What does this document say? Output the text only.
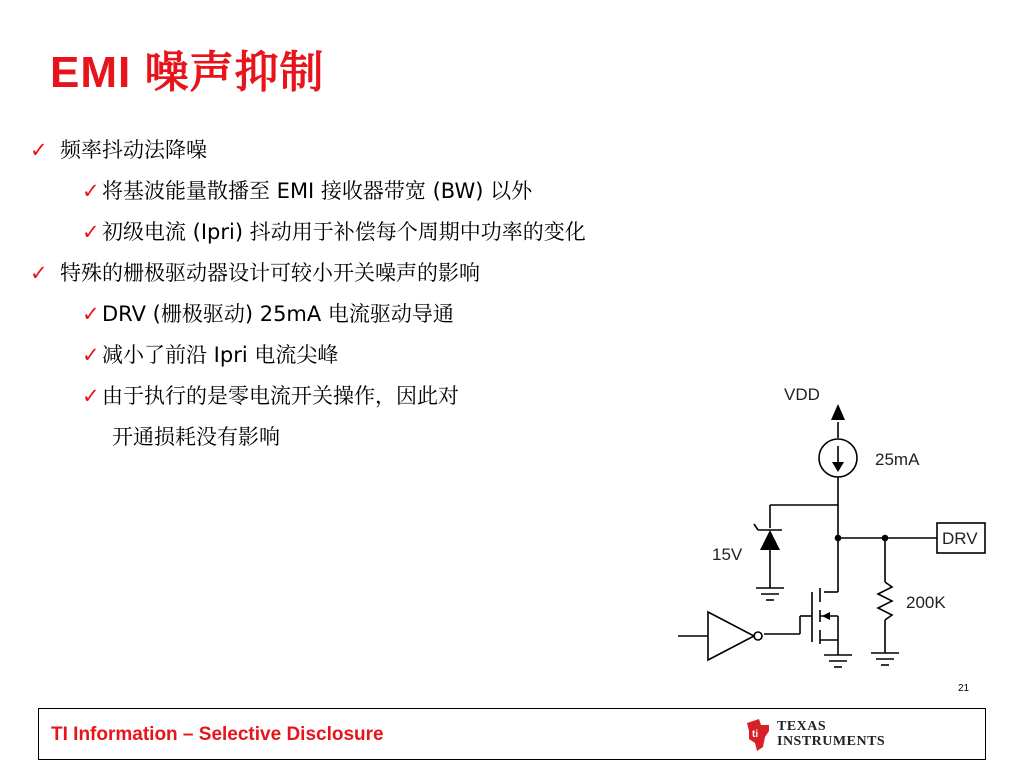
EMI 噪声抑制
✓ 频率抖动法降噪
✓ 将基波能量散播至 EMI 接收器带宽 (BW) 以外
✓ 初级电流 (Ipri) 抖动用于补偿每个周期中功率的变化
✓ 特殊的栅极驱动器设计可较小开关噪声的影响
✓ DRV (栅极驱动) 25mA 电流驱动导通
✓ 减小了前沿 Ipri 电流尖峰
✓ 由于执行的是零电流开关操作，因此对
开通损耗没有影响
VDD
25mA
15V
DRV
200K
21
TI Information – Selective Disclosure	ti
TEXAS
INSTRUMENTS
